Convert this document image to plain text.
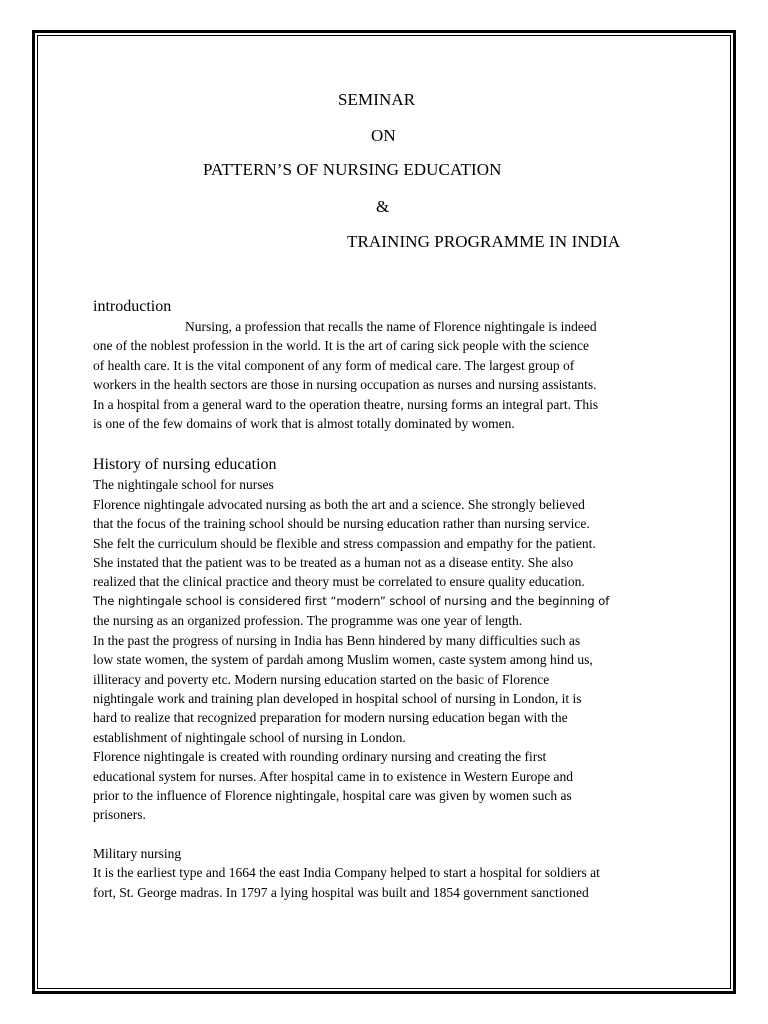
SEMINAR
ON
PATTERN’S OF NURSING EDUCATION
&
TRAINING PROGRAMME IN INDIA
introduction
Nursing, a profession that recalls the name of Florence nightingale is indeed
one of the noblest profession in the world. It is the art of caring sick people with the science
of health care. It is the vital component of any form of medical care. The largest group of
workers in the health sectors are those in nursing occupation as nurses and nursing assistants.
In a hospital from a general ward to the operation theatre, nursing forms an integral part. This
is one of the few domains of work that is almost totally dominated by women.
History of nursing education
The nightingale school for nurses
Florence nightingale advocated nursing as both the art and a science. She strongly believed
that the focus of the training school should be nursing education rather than nursing service.
She felt the curriculum should be flexible and stress compassion and empathy for the patient.
She instated that the patient was to be treated as a human not as a disease entity. She also
realized that the clinical practice and theory must be correlated to ensure quality education.
The nightingale school is considered first “modern” school of nursing and the beginning of
the nursing as an organized profession. The programme was one year of length.
In the past the progress of nursing in India has Benn hindered by many difficulties such as
low state women, the system of pardah among Muslim women, caste system among hind us,
illiteracy and poverty etc. Modern nursing education started on the basic of Florence
nightingale work and training plan developed in hospital school of nursing in London, it is
hard to realize that recognized preparation for modern nursing education began with the
establishment of nightingale school of nursing in London.
Florence nightingale is created with rounding ordinary nursing and creating the first
educational system for nurses. After hospital came in to existence in Western Europe and
prior to the influence of Florence nightingale, hospital care was given by women such as
prisoners.
Military nursing
It is the earliest type and 1664 the east India Company helped to start a hospital for soldiers at
fort, St. George madras. In 1797 a lying hospital was built and 1854 government sanctioned
